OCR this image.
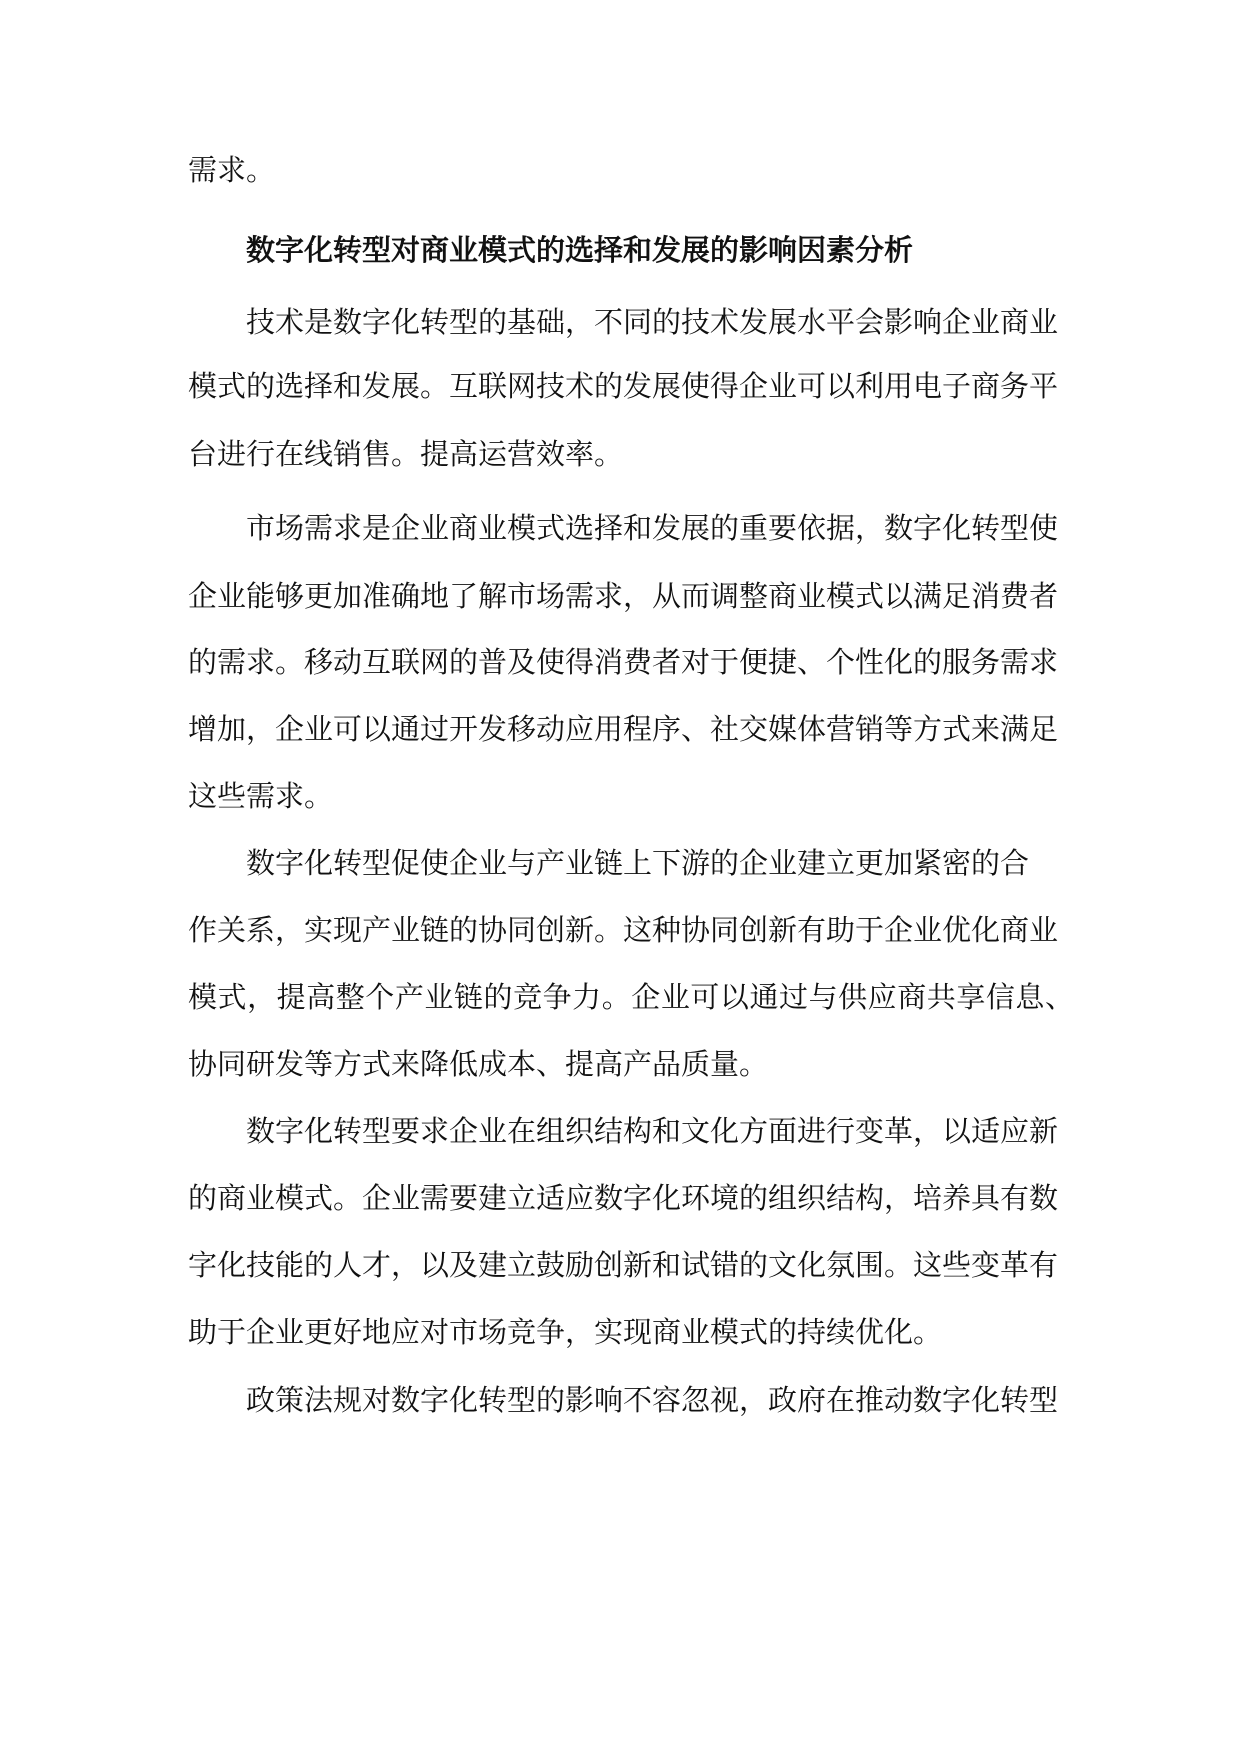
需求。
数字化转型对商业模式的选择和发展的影响因素分析
技术是数字化转型的基础，不同的技术发展水平会影响企业商业
模式的选择和发展。互联网技术的发展使得企业可以利用电子商务平
台进行在线销售。提高运营效率。
市场需求是企业商业模式选择和发展的重要依据，数字化转型使
企业能够更加准确地了解市场需求，从而调整商业模式以满足消费者
的需求。移动互联网的普及使得消费者对于便捷、个性化的服务需求
增加，企业可以通过开发移动应用程序、社交媒体营销等方式来满足
这些需求。
数字化转型促使企业与产业链上下游的企业建立更加紧密的合
作关系，实现产业链的协同创新。这种协同创新有助于企业优化商业
模式，提高整个产业链的竞争力。企业可以通过与供应商共享信息、
协同研发等方式来降低成本、提高产品质量。
数字化转型要求企业在组织结构和文化方面进行变革，以适应新
的商业模式。企业需要建立适应数字化环境的组织结构，培养具有数
字化技能的人才，以及建立鼓励创新和试错的文化氛围。这些变革有
助于企业更好地应对市场竞争，实现商业模式的持续优化。
政策法规对数字化转型的影响不容忽视，政府在推动数字化转型
